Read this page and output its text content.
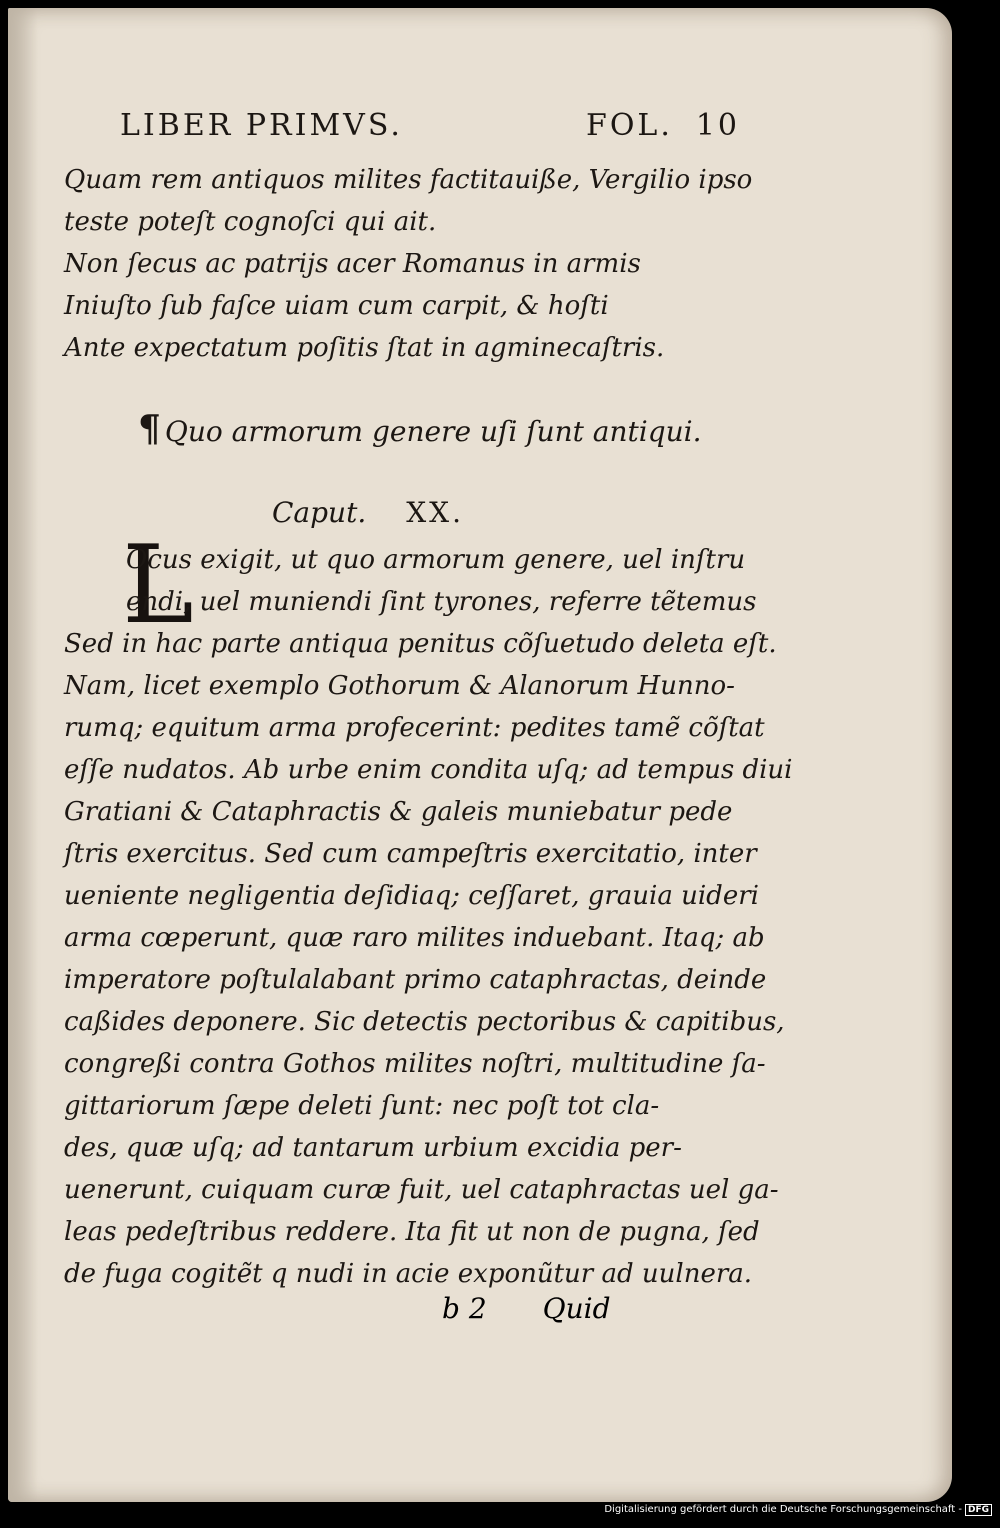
LIBER PRIMVS.	FOL. 10
Quam rem antiquos milites factitauiße, Vergilio ipso
teste poteſt cognoſci qui ait.
Non ſecus ac patrijs acer Romanus in armis
Iniuſto ſub faſce uiam cum carpit, & hoſti
Ante expectatum poſitis ſtat in agminecaſtris.
¶ Quo armorum genere uſi ſunt antiqui.
Caput. XX.
L
Ocus exigit, ut quo armorum genere, uel inſtru
endi, uel muniendi ſint tyrones, referre tẽtemus
Sed in hac parte antiqua penitus cõſuetudo deleta eſt.
Nam, licet exemplo Gothorum & Alanorum Hunno-
rumq; equitum arma profecerint: pedites tamẽ cõſtat
eſſe nudatos. Ab urbe enim condita uſq; ad tempus diui
Gratiani & Cataphractis & galeis muniebatur pede
ſtris exercitus. Sed cum campeſtris exercitatio, inter
ueniente negligentia deſidiaq; ceſſaret, grauia uideri
arma cœperunt, quæ raro milites induebant. Itaq; ab
imperatore poſtulalabant primo cataphractas, deinde
caßides deponere. Sic detectis pectoribus & capitibus,
congreßi contra Gothos milites noſtri, multitudine ſa-
gittariorum ſæpe deleti ſunt: nec poſt tot cla-
des, quæ uſq; ad tantarum urbium excidia per-
uenerunt, cuiquam curæ fuit, uel cataphractas uel ga-
leas pedeſtribus reddere. Ita fit ut non de pugna, ſed
de fuga cogitẽt q nudi in acie exponũtur ad uulnera.
b 2 Quid
Digitalisierung gefördert durch die Deutsche Forschungsgemeinschaft - DFG
